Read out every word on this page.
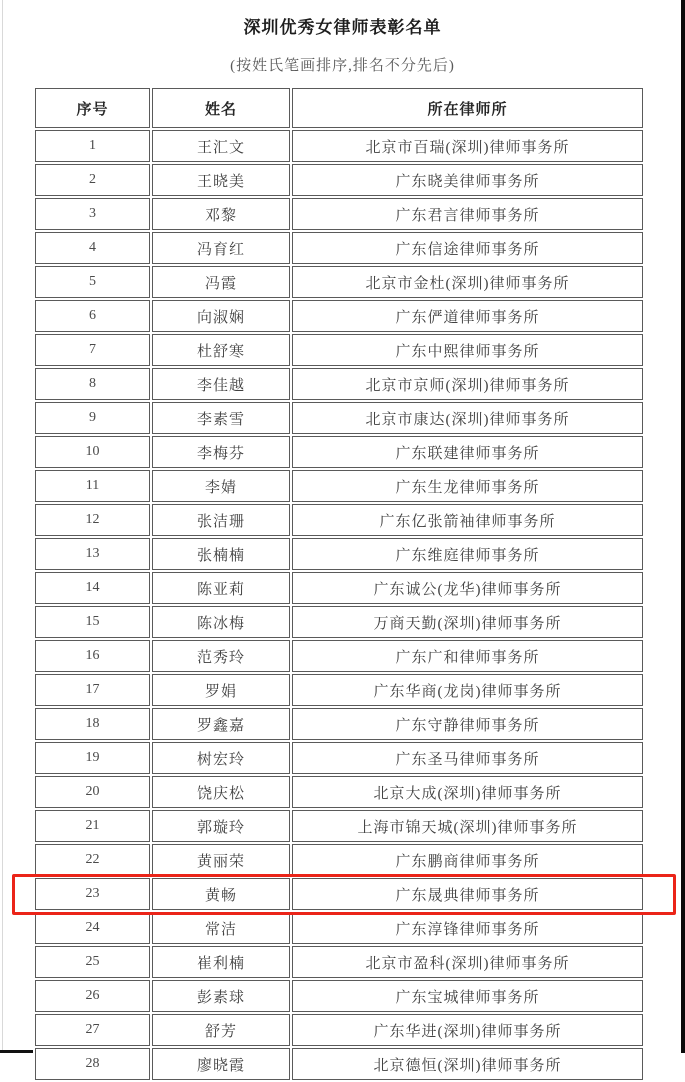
深圳优秀女律师表彰名单

(按姓氏笔画排序,排名不分先后)

序号	姓名	所在律师所
1	王汇文	北京市百瑞(深圳)律师事务所
2	王晓美	广东晓美律师事务所
3	邓黎	广东君言律师事务所
4	冯育红	广东信途律师事务所
5	冯霞	北京市金杜(深圳)律师事务所
6	向淑娴	广东俨道律师事务所
7	杜舒寒	广东中熙律师事务所
8	李佳越	北京市京师(深圳)律师事务所
9	李素雪	北京市康达(深圳)律师事务所
10	李梅芬	广东联建律师事务所
11	李婧	广东生龙律师事务所
12	张洁珊	广东亿张箭袖律师事务所
13	张楠楠	广东维庭律师事务所
14	陈亚莉	广东诚公(龙华)律师事务所
15	陈冰梅	万商天勤(深圳)律师事务所
16	范秀玲	广东广和律师事务所
17	罗娟	广东华商(龙岗)律师事务所
18	罗鑫嘉	广东守静律师事务所
19	树宏玲	广东圣马律师事务所
20	饶庆松	北京大成(深圳)律师事务所
21	郭璇玲	上海市锦天城(深圳)律师事务所
22	黄丽荣	广东鹏商律师事务所
23	黄畅	广东晟典律师事务所
24	常洁	广东淳锋律师事务所
25	崔利楠	北京市盈科(深圳)律师事务所
26	彭素球	广东宝城律师事务所
27	舒芳	广东华进(深圳)律师事务所
28	廖晓霞	北京德恒(深圳)律师事务所
